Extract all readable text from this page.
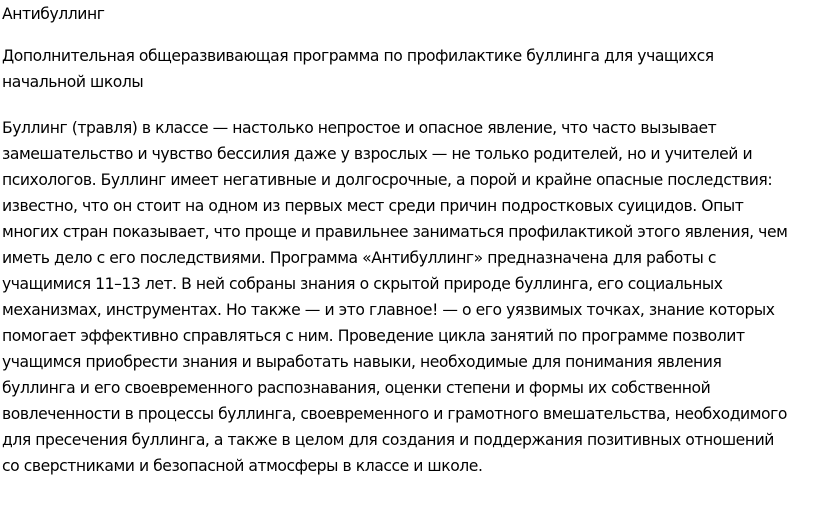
Антибуллинг
Дополнительная общеразвивающая программа по профилактике буллинга для учащихся
начальной школы
Буллинг (травля) в классе — настолько непростое и опасное явление, что часто вызывает
замешательство и чувство бессилия даже у взрослых — не только родителей, но и учителей и
психологов. Буллинг имеет негативные и долгосрочные, а порой и крайне опасные последствия:
известно, что он стоит на одном из первых мест среди причин подростковых суицидов. Опыт
многих стран показывает, что проще и правильнее заниматься профилактикой этого явления, чем
иметь дело с его последствиями. Программа «Антибуллинг» предназначена для работы с
учащимися 11–13 лет. В ней собраны знания о скрытой природе буллинга, его социальных
механизмах, инструментах. Но также — и это главное! — о его уязвимых точках, знание которых
помогает эффективно справляться с ним. Проведение цикла занятий по программе позволит
учащимся приобрести знания и выработать навыки, необходимые для понимания явления
буллинга и его своевременного распознавания, оценки степени и формы их собственной
вовлеченности в процессы буллинга, своевременного и грамотного вмешательства, необходимого
для пресечения буллинга, а также в целом для создания и поддержания позитивных отношений
со сверстниками и безопасной атмосферы в классе и школе.
